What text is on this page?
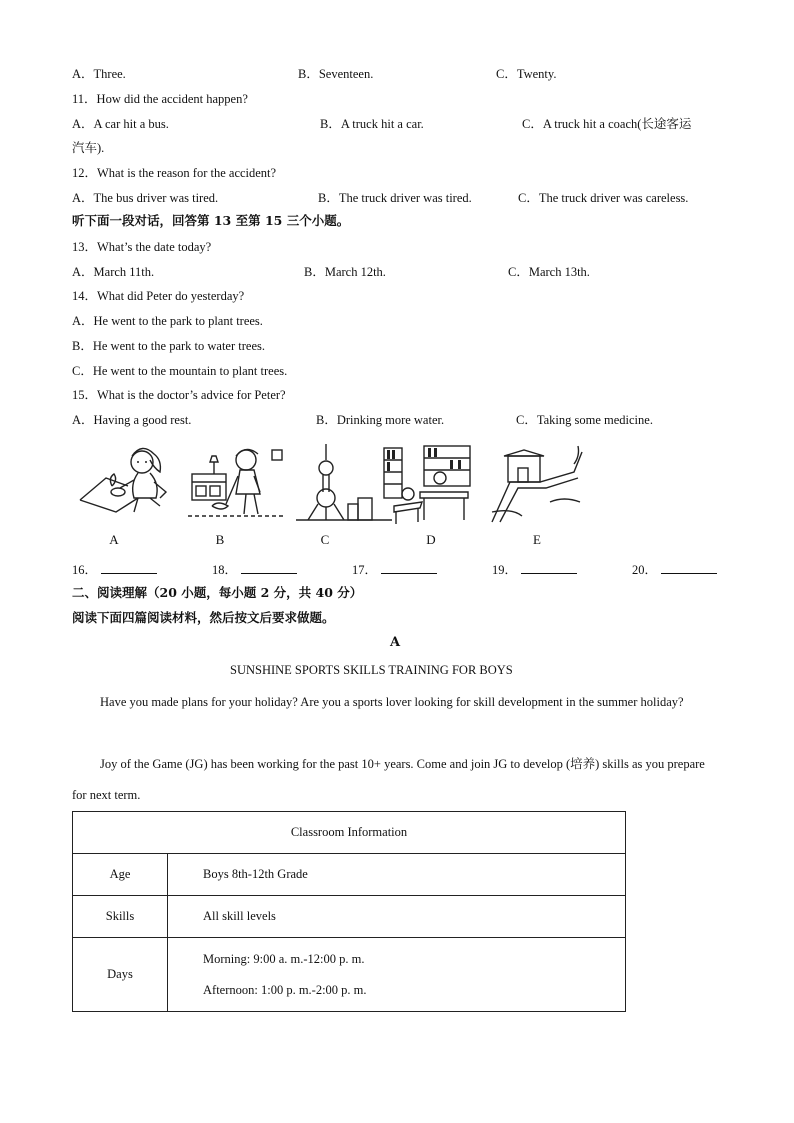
A．Three.	B．Seventeen.	C．Twenty.
11．How did the accident happen?
A．A car hit a bus.	B．A truck hit a car.	C．A truck hit a coach(长途客运
汽车).
12．What is the reason for the accident?
A．The bus driver was tired.	B．The truck driver was tired.	C．The truck driver was careless.
听下面一段对话，回答第 13 至第 15 三个小题。
13．What’s the date today?
A．March 11th.	B．March 12th.	C．March 13th.
14．What did Peter do yesterday?
A．He went to the park to plant trees.
B．He went to the park to water trees.
C．He went to the mountain to plant trees.
15．What is the doctor’s advice for Peter?
A．Having a good rest.	B．Drinking more water.	C．Taking some medicine.
A	B	C	D	E
16．	18．	17．	19．	20．
二、阅读理解（20 小题，每小题 2 分，共 40 分）
阅读下面四篇阅读材料，然后按文后要求做题。
A
SUNSHINE SPORTS SKILLS TRAINING FOR BOYS
Have you made plans for your holiday? Are you a sports lover looking for skill development in the summer holiday?
Joy of the Game (JG) has been working for the past 10+ years. Come and join JG to develop (培养) skills as you prepare for next term.
Classroom Information	
Age	Boys 8th-12th Grade
Skills	All skill levels
Days	Morning: 9:00 a. m.-12:00 p. m.
Afternoon: 1:00 p. m.-2:00 p. m.
